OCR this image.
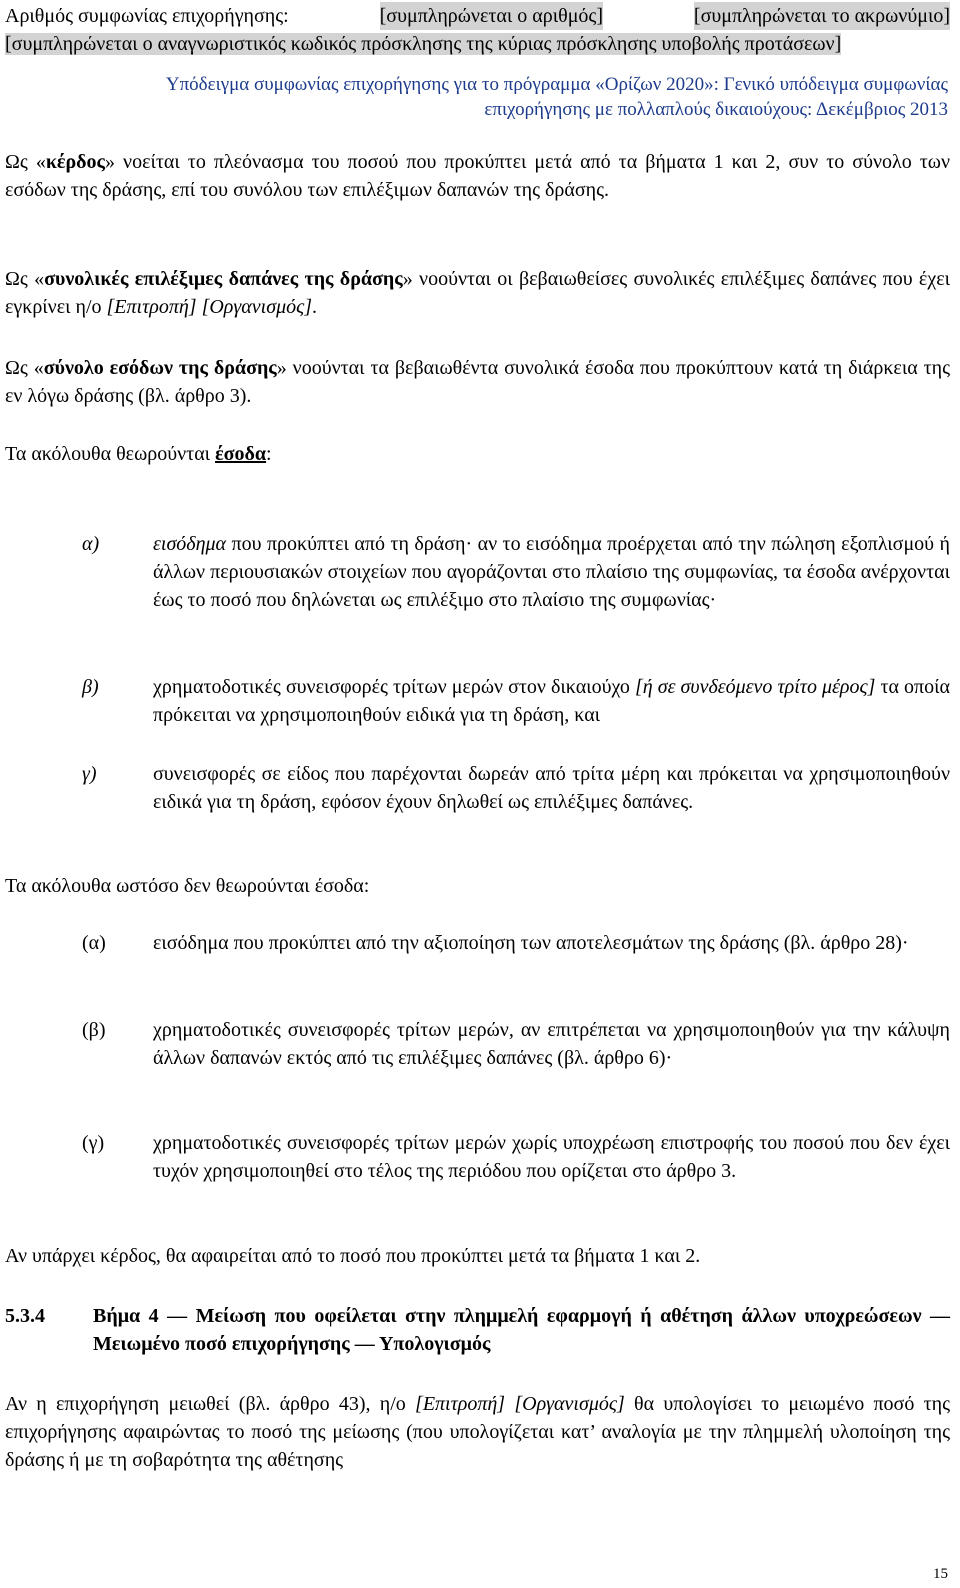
Αριθμός συμφωνίας επιχορήγησης:	[συμπληρώνεται ο αριθμός]	[συμπληρώνεται το ακρωνύμιο]
[συμπληρώνεται ο αναγνωριστικός κωδικός πρόσκλησης της κύριας πρόσκλησης υποβολής προτάσεων]
Υπόδειγμα συμφωνίας επιχορήγησης για το πρόγραμμα «Ορίζων 2020»: Γενικό υπόδειγμα συμφωνίας
επιχορήγησης με πολλαπλούς δικαιούχους: Δεκέμβριος 2013
Ως «κέρδος» νοείται το πλεόνασμα του ποσού που προκύπτει μετά από τα βήματα 1 και 2, συν το σύνολο των εσόδων της δράσης, επί του συνόλου των επιλέξιμων δαπανών της δράσης.
Ως «συνολικές επιλέξιμες δαπάνες της δράσης» νοούνται οι βεβαιωθείσες συνολικές επιλέξιμες δαπάνες που έχει εγκρίνει η/ο [Επιτροπή] [Οργανισμός].
Ως «σύνολο εσόδων της δράσης» νοούνται τα βεβαιωθέντα συνολικά έσοδα που προκύπτουν κατά τη διάρκεια της εν λόγω δράσης (βλ. άρθρο 3).
Τα ακόλουθα θεωρούνται έσοδα:
α)	εισόδημα που προκύπτει από τη δράση· αν το εισόδημα προέρχεται από την πώληση εξοπλισμού ή άλλων περιουσιακών στοιχείων που αγοράζονται στο πλαίσιο της συμφωνίας, τα έσοδα ανέρχονται έως το ποσό που δηλώνεται ως επιλέξιμο στο πλαίσιο της συμφωνίας·
β)	χρηματοδοτικές συνεισφορές τρίτων μερών στον δικαιούχο [ή σε συνδεόμενο τρίτο μέρος] τα οποία πρόκειται να χρησιμοποιηθούν ειδικά για τη δράση, και
γ)	συνεισφορές σε είδος που παρέχονται δωρεάν από τρίτα μέρη και πρόκειται να χρησιμοποιηθούν ειδικά για τη δράση, εφόσον έχουν δηλωθεί ως επιλέξιμες δαπάνες.
Τα ακόλουθα ωστόσο δεν θεωρούνται έσοδα:
(α) εισόδημα που προκύπτει από την αξιοποίηση των αποτελεσμάτων της δράσης (βλ. άρθρο 28)·
(β) χρηματοδοτικές συνεισφορές τρίτων μερών, αν επιτρέπεται να χρησιμοποιηθούν για την κάλυψη άλλων δαπανών εκτός από τις επιλέξιμες δαπάνες (βλ. άρθρο 6)·
(γ) χρηματοδοτικές συνεισφορές τρίτων μερών χωρίς υποχρέωση επιστροφής του ποσού που δεν έχει τυχόν χρησιμοποιηθεί στο τέλος της περιόδου που ορίζεται στο άρθρο 3.
Αν υπάρχει κέρδος, θα αφαιρείται από το ποσό που προκύπτει μετά τα βήματα 1 και 2.
5.3.4 Βήμα 4 — Μείωση που οφείλεται στην πλημμελή εφαρμογή ή αθέτηση άλλων υποχρεώσεων — Μειωμένο ποσό επιχορήγησης — Υπολογισμός
Αν η επιχορήγηση μειωθεί (βλ. άρθρο 43), η/ο [Επιτροπή] [Οργανισμός] θα υπολογίσει το μειωμένο ποσό της επιχορήγησης αφαιρώντας το ποσό της μείωσης (που υπολογίζεται κατ’ αναλογία με την πλημμελή υλοποίηση της δράσης ή με τη σοβαρότητα της αθέτησης
15
